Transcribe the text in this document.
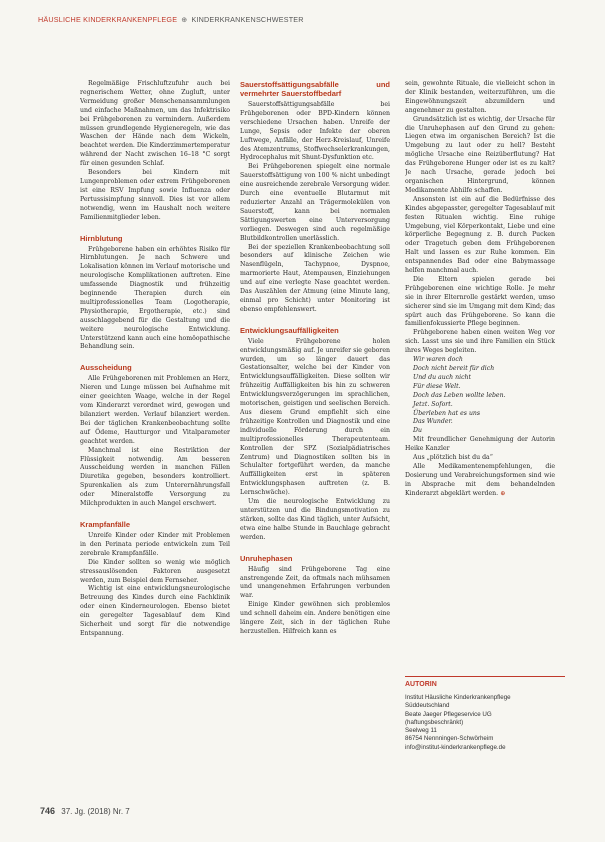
HÄUSLICHE KINDERKRANKENPFLEGE ⊕ KINDERKRANKENSCHWESTER

Regelmäßige Frischluftzufuhr auch bei regnerischem Wetter, ohne Zugluft, unter Vermeidung großer Menschenansammlungen und einfache Maßnahmen, um das Infektrisiko bei Frühgeborenen zu vermindern. Außerdem müssen grundlegende Hygieneregeln, wie das Waschen der Hände nach dem Wickeln, beachtet werden. Die Kinderzimmertemperatur während der Nacht zwischen 16–18 °C sorgt für einen gesunden Schlaf.

Besonders bei Kindern mit Lungenproblemen oder extrem Frühgeborenen ist eine RSV Impfung sowie Influenza oder Pertussisimpfung sinnvoll. Dies ist vor allem notwendig, wenn im Haushalt noch weitere Familienmitglieder leben.

Hirnblutung

Frühgeborene haben ein erhöhtes Risiko für Hirnblutungen. Je nach Schwere und Lokalisation können im Verlauf motorische und neurologische Komplikationen auftreten. Eine umfassende Diagnostik und frühzeitig beginnende Therapien durch ein multiprofessionelles Team (Logotherapie, Physiotherapie, Ergotherapie, etc.) sind ausschlaggebend für die Gestaltung und die weitere neurologische Entwicklung. Unterstützend kann auch eine homöopathische Behandlung sein.

Ausscheidung

Alle Frühgeborenen mit Problemen an Herz, Nieren und Lunge müssen bei Aufnahme mit einer geeichten Waage, welche in der Regel vom Kinderarzt verordnet wird, gewogen und bilanziert werden. Verlauf bilanziert werden. Bei der täglichen Krankenbeobachtung sollte auf Ödeme, Hautturgor und Vitalparameter geachtet werden.

Manchmal ist eine Restriktion der Flüssigkeit notwendig. Am besseren Ausscheidung werden in manchen Fällen Diuretika gegeben, besonders kontrolliert. Spurenkalien als zum Unterernährungsfall oder Mineralstoffe Versorgung zu Milchprodukten in auch Mangel erschwert.

Krampfanfälle

Unreife Kinder oder Kinder mit Problemen in den Perinata periode entwickeln zum Teil zerebrale Krampfanfälle.

Die Kinder sollten so wenig wie möglich stressauslösenden Faktoren ausgesetzt werden, zum Beispiel dem Fernseher.

Wichtig ist eine entwicklungsneurologische Betreuung des Kindes durch eine Fachklinik oder einen Kinderneurologen. Ebenso bietet ein geregelter Tagesablauf dem Kind Sicherheit und sorgt für die notwendige Entspannung.

Sauerstoffsättigungsabfälle und vermehrter Sauerstoffbedarf

Sauerstoffsättigungsabfälle bei Frühgeborenen oder BPD-Kindern können verschiedene Ursachen haben. Unreife der Lunge, Sepsis oder Infekte der oberen Luftwege, Anfälle, der Herz-Kreislauf, Unreife des Atemzentrums, Stoffwechselerkrankungen, Hydrocephalus mit Shunt-Dysfunktion etc.

Bei Frühgeborenen spiegelt eine normale Sauerstoffsättigung von 100 % nicht unbedingt eine ausreichende zerebrale Versorgung wider. Durch eine eventuelle Blutarmut mit reduzierter Anzahl an Trägermolekülen von Sauerstoff, kann bei normalen Sättigungswerten eine Unterversorgung vorliegen. Deswegen sind auch regelmäßige Blutbildkontrollen unerlässlich.

Bei der speziellen Krankenbeobachtung soll besonders auf klinische Zeichen wie Nasenflügeln, Tachypnoe, Dyspnoe, marmorierte Haut, Atempausen, Einziehungen und auf eine verlegte Nase geachtet werden. Das Auszählen der Atmung (eine Minute lang, einmal pro Schicht) unter Monitoring ist ebenso empfehlenswert.

Entwicklungsauffälligkeiten

Viele Frühgeborene holen entwicklungsmäßig auf. Je unreifer sie geboren wurden, um so länger dauert das Gestationsalter, welche bei der Kinder von Entwicklungsauffälligkeiten. Diese sollten wir frühzeitig Auffälligkeiten bis hin zu schweren Entwicklungsverzögerungen im sprachlichen, motorischen, geistigen und seelischen Bereich. Aus diesem Grund empfiehlt sich eine frühzeitige Kontrollen und Diagnostik und eine individuelle Förderung durch ein multiprofessionelles Therapeutenteam. Kontrollen der SPZ (Sozialpädiatrisches Zentrum) und Diagnostiken sollten bis in Schulalter fortgeführt werden, da manche Auffälligkeiten erst in späteren Entwicklungsphasen auftreten (z. B. Lernschwäche).

Um die neurologische Entwicklung zu unterstützen und die Bindungsmotivation zu stärken, sollte das Kind täglich, unter Aufsicht, etwa eine halbe Stunde in Bauchlage gebracht werden.

Unruhephasen

Häufig sind Frühgeborene Tag eine anstrengende Zeit, da oftmals nach mühsamen und unangenehmen Erfahrungen verbunden war.

Einige Kinder gewöhnen sich problemlos und schnell daheim ein. Andere benötigen eine längere Zeit, sich in der täglichen Ruhe herzustellen. Hilfreich kann es

sein, gewohnte Rituale, die vielleicht schon in der Klinik bestanden, weiterzuführen, um die Eingewöhnungszeit abzumildern und angenehmer zu gestalten.

Grundsätzlich ist es wichtig, der Ursache für die Unruhephasen auf den Grund zu gehen: Liegen etwa im organischen Bereich? Ist die Umgebung zu laut oder zu hell? Besteht mögliche Ursache eine Reizüberflutung? Hat das Frühgeborene Hunger oder ist es zu kalt? Je nach Ursache, gerade jedoch bei organischen Hintergrund, können Medikamente Abhilfe schaffen.

Ansonsten ist ein auf die Bedürfnisse des Kindes abgepasster, geregelter Tagesablauf mit festen Ritualen wichtig. Eine ruhige Umgebung, viel Körperkontakt, Liebe und eine körperliche Begegnung z. B. durch Pucken oder Tragetuch geben dem Frühgeborenen Halt und lassen es zur Ruhe kommen. Ein entspannendes Bad oder eine Babymassage helfen manchmal auch.

Die Eltern spielen gerade bei Frühgeborenen eine wichtige Rolle. Je mehr sie in ihrer Elternrolle gestärkt werden, umso sicherer sind sie im Umgang mit dem Kind; das spürt auch das Frühgeborene. So kann die familienfokussierte Pflege beginnen.

Frühgeborene haben einen weiten Weg vor sich. Lasst uns sie und ihre Familien ein Stück ihres Weges begleiten.

Wir waren doch
Doch nicht bereit für dich
Und du auch nicht
Für diese Welt.
Doch das Leben wollte leben.
Jetzt. Sofort.
Überleben hat es uns
Das Wunder.
Du

Mit freundlicher Genehmigung der Autorin Heike Kanzler

Aus „plötzlich bist du da“

Alle Medikamentenempfehlungen, die Dosierung und Verabreichungsformen sind wie in Absprache mit dem behandelnden Kinderarzt abgeklärt werden. ⊕

AUTORIN
Institut Häusliche Kinderkrankenpflege
Süddeutschland
Beate Jaeger Pflegeservice UG
(haftungsbeschränkt)
Seelweg 11
86754 Nennningen-Schwörheim
info@institut-kinderkrankenpflege.de
746 37. Jg. (2018) Nr. 7
